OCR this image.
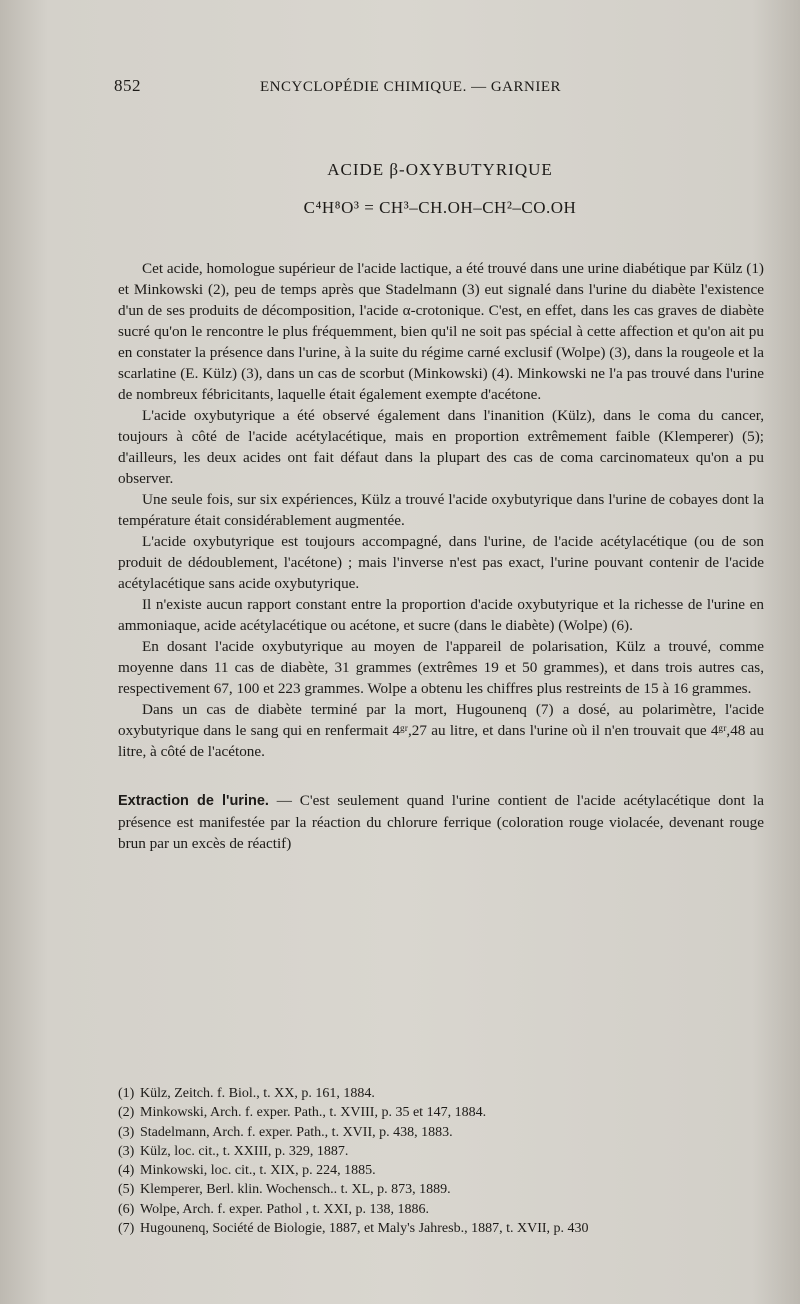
852	ENCYCLOPÉDIE CHIMIQUE. — GARNIER
ACIDE β-OXYBUTYRIQUE
C⁴H⁸O³ = CH³–CH.OH–CH²–CO.OH

Cet acide, homologue supérieur de l'acide lactique, a été trouvé dans une urine diabétique par Külz (1) et Minkowski (2), peu de temps après que Stadelmann (3) eut signalé dans l'urine du diabète l'existence d'un de ses produits de décomposition, l'acide α-crotonique. C'est, en effet, dans les cas graves de diabète sucré qu'on le rencontre le plus fréquemment, bien qu'il ne soit pas spécial à cette affection et qu'on ait pu en constater la présence dans l'urine, à la suite du régime carné exclusif (Wolpe) (3), dans la rougeole et la scarlatine (E. Külz) (3), dans un cas de scorbut (Minkowski) (4). Minkowski ne l'a pas trouvé dans l'urine de nombreux fébricitants, laquelle était également exempte d'acétone.

L'acide oxybutyrique a été observé également dans l'inanition (Külz), dans le coma du cancer, toujours à côté de l'acide acétylacétique, mais en proportion extrêmement faible (Klemperer) (5); d'ailleurs, les deux acides ont fait défaut dans la plupart des cas de coma carcinomateux qu'on a pu observer.

Une seule fois, sur six expériences, Külz a trouvé l'acide oxybutyrique dans l'urine de cobayes dont la température était considérablement augmentée.

L'acide oxybutyrique est toujours accompagné, dans l'urine, de l'acide acétylacétique (ou de son produit de dédoublement, l'acétone) ; mais l'inverse n'est pas exact, l'urine pouvant contenir de l'acide acétylacétique sans acide oxybutyrique.

Il n'existe aucun rapport constant entre la proportion d'acide oxybutyrique et la richesse de l'urine en ammoniaque, acide acétylacétique ou acétone, et sucre (dans le diabète) (Wolpe) (6).

En dosant l'acide oxybutyrique au moyen de l'appareil de polarisation, Külz a trouvé, comme moyenne dans 11 cas de diabète, 31 grammes (extrêmes 19 et 50 grammes), et dans trois autres cas, respectivement 67, 100 et 223 grammes. Wolpe a obtenu les chiffres plus restreints de 15 à 16 grammes.

Dans un cas de diabète terminé par la mort, Hugounenq (7) a dosé, au polarimètre, l'acide oxybutyrique dans le sang qui en renfermait 4ᵍʳ,27 au litre, et dans l'urine où il n'en trouvait que 4ᵍʳ,48 au litre, à côté de l'acétone.

Extraction de l'urine. — C'est seulement quand l'urine contient de l'acide acétylacétique dont la présence est manifestée par la réaction du chlorure ferrique (coloration rouge violacée, devenant rouge brun par un excès de réactif)

(1) Külz, Zeitch. f. Biol., t. XX, p. 161, 1884.
(2) Minkowski, Arch. f. exper. Path., t. XVIII, p. 35 et 147, 1884.
(3) Stadelmann, Arch. f. exper. Path., t. XVII, p. 438, 1883.
(3) Külz, loc. cit., t. XXIII, p. 329, 1887.
(4) Minkowski, loc. cit., t. XIX, p. 224, 1885.
(5) Klemperer, Berl. klin. Wochensch.. t. XL, p. 873, 1889.
(6) Wolpe, Arch. f. exper. Pathol , t. XXI, p. 138, 1886.
(7) Hugounenq, Société de Biologie, 1887, et Maly's Jahresb., 1887, t. XVII, p. 430
